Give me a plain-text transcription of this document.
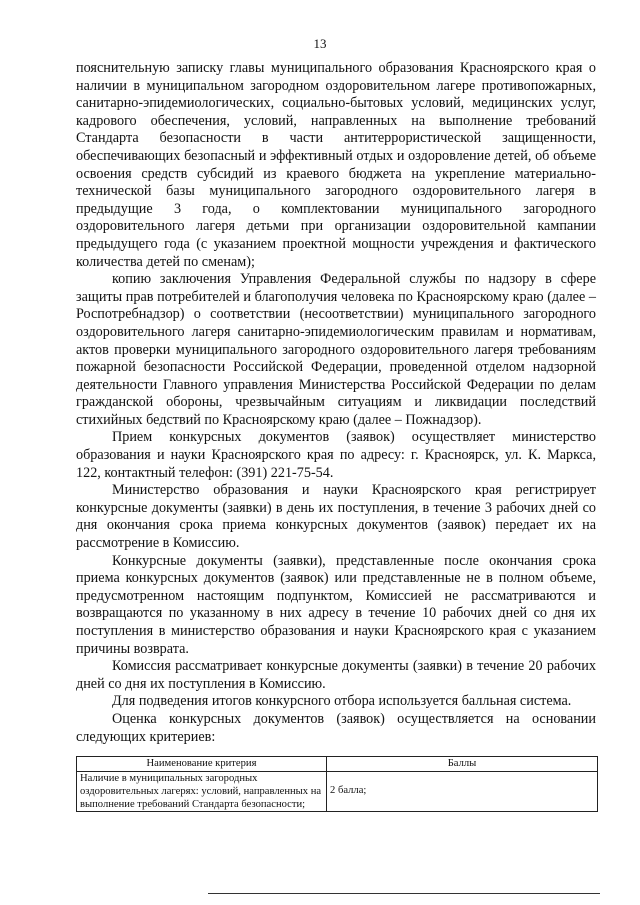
13

пояснительную записку главы муниципального образования Красноярского края о наличии в муниципальном загородном оздоровительном лагере противопожарных, санитарно-эпидемиологических, социально-бытовых условий, медицинских услуг, кадрового обеспечения, условий, направленных на выполнение требований Стандарта безопасности в части антитеррористической защищенности, обеспечивающих безопасный и эффективный отдых и оздоровление детей, об объеме освоения средств субсидий из краевого бюджета на укрепление материально-технической базы муниципального загородного оздоровительного лагеря в предыдущие 3 года, о комплектовании муниципального загородного оздоровительного лагеря детьми при организации оздоровительной кампании предыдущего года (с указанием проектной мощности учреждения и фактического количества детей по сменам);

копию заключения Управления Федеральной службы по надзору в сфере защиты прав потребителей и благополучия человека по Красноярскому краю (далее – Роспотребнадзор) о соответствии (несоответствии) муниципального загородного оздоровительного лагеря санитарно-эпидемиологическим правилам и нормативам, актов проверки муниципального загородного оздоровительного лагеря требованиям пожарной безопасности Российской Федерации, проведенной отделом надзорной деятельности Главного управления Министерства Российской Федерации по делам гражданской обороны, чрезвычайным ситуациям и ликвидации последствий стихийных бедствий по Красноярскому краю (далее – Пожнадзор).

Прием конкурсных документов (заявок) осуществляет министерство образования и науки Красноярского края по адресу: г. Красноярск, ул. К. Маркса, 122, контактный телефон: (391) 221-75-54.

Министерство образования и науки Красноярского края регистрирует конкурсные документы (заявки) в день их поступления, в течение 3 рабочих дней со дня окончания срока приема конкурсных документов (заявок) передает их на рассмотрение в Комиссию.

Конкурсные документы (заявки), представленные после окончания срока приема конкурсных документов (заявок) или представленные не в полном объеме, предусмотренном настоящим подпунктом, Комиссией не рассматриваются и возвращаются по указанному в них адресу в течение 10 рабочих дней со дня их поступления в министерство образования и науки Красноярского края с указанием причины возврата.

Комиссия рассматривает конкурсные документы (заявки) в течение 20 рабочих дней со дня их поступления в Комиссию.

Для подведения итогов конкурсного отбора используется балльная система.

Оценка конкурсных документов (заявок) осуществляется на основании следующих критериев:

Наименование критерия	Баллы
Наличие в муниципальных загородных оздоровительных лагерях: условий, направленных на выполнение требований Стандарта безопасности;	2 балла;
